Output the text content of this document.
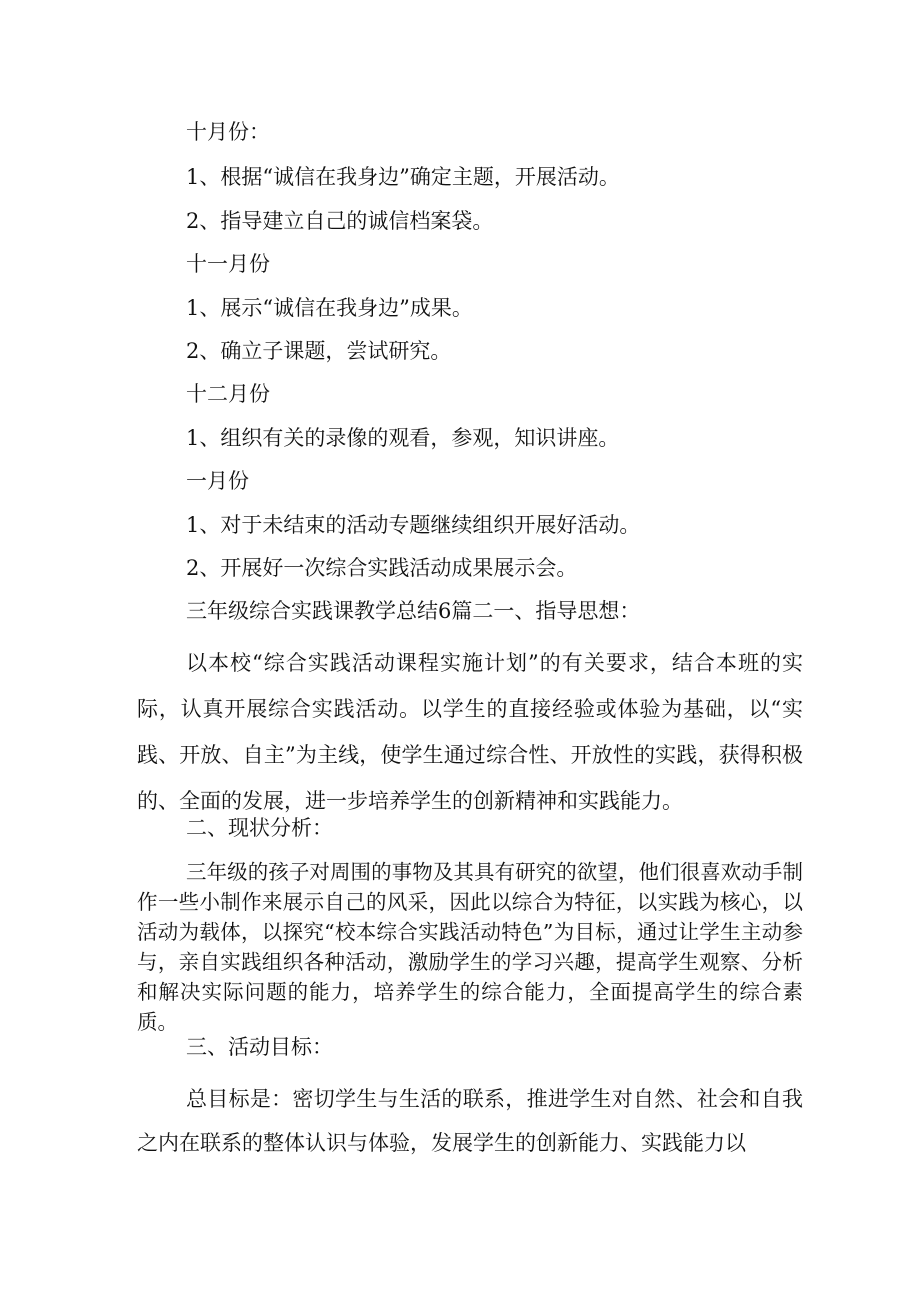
十月份：

1、根据“诚信在我身边”确定主题，开展活动。

2、指导建立自己的诚信档案袋。

十一月份

1、展示“诚信在我身边”成果。

2、确立子课题，尝试研究。

十二月份

1、组织有关的录像的观看，参观，知识讲座。

一月份

1、对于未结束的活动专题继续组织开展好活动。

2、开展好一次综合实践活动成果展示会。

三年级综合实践课教学总结6篇二一、指导思想：

以本校“综合实践活动课程实施计划”的有关要求，结合本班的实际，认真开展综合实践活动。以学生的直接经验或体验为基础，以“实践、开放、自主”为主线，使学生通过综合性、开放性的实践，获得积极的、全面的发展，进一步培养学生的创新精神和实践能力。

二、现状分析：

三年级的孩子对周围的事物及其具有研究的欲望，他们很喜欢动手制作一些小制作来展示自己的风采，因此以综合为特征，以实践为核心，以活动为载体，以探究“校本综合实践活动特色”为目标，通过让学生主动参与，亲自实践组织各种活动，激励学生的学习兴趣，提高学生观察、分析和解决实际问题的能力，培养学生的综合能力，全面提高学生的综合素质。

三、活动目标：

总目标是：密切学生与生活的联系，推进学生对自然、社会和自我之内在联系的整体认识与体验，发展学生的创新能力、实践能力以
